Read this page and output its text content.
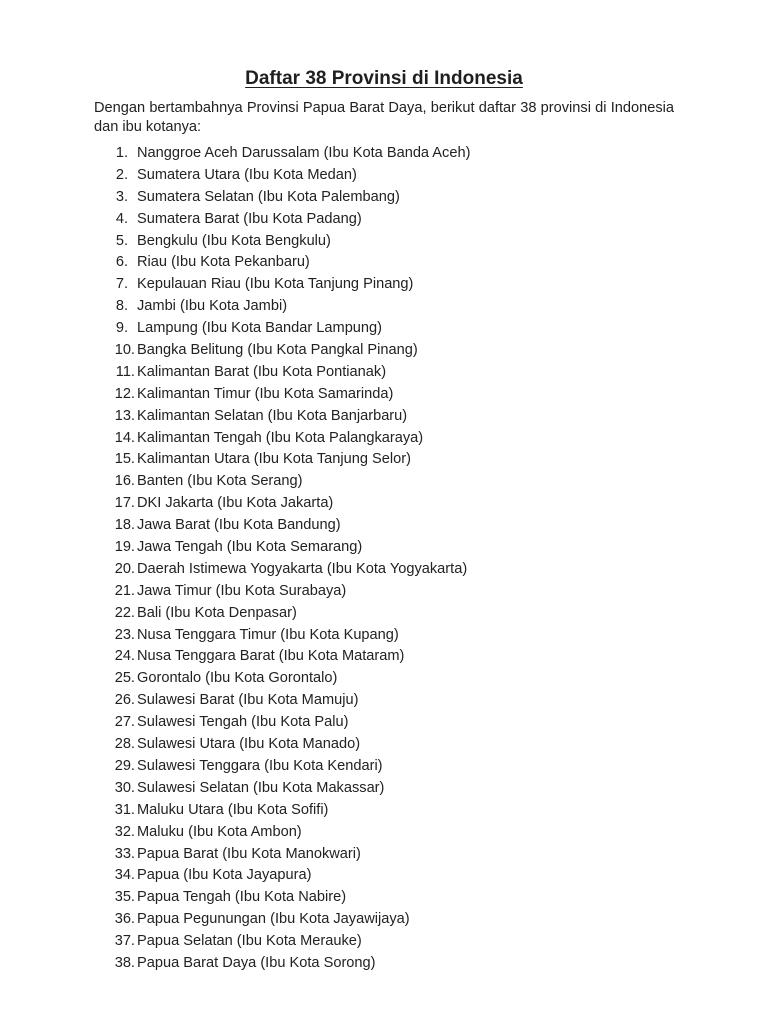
Daftar 38 Provinsi di Indonesia
Dengan bertambahnya Provinsi Papua Barat Daya, berikut daftar 38 provinsi di Indonesia dan ibu kotanya:
1. Nanggroe Aceh Darussalam (Ibu Kota Banda Aceh)
2. Sumatera Utara (Ibu Kota Medan)
3. Sumatera Selatan (Ibu Kota Palembang)
4. Sumatera Barat (Ibu Kota Padang)
5. Bengkulu (Ibu Kota Bengkulu)
6. Riau (Ibu Kota Pekanbaru)
7. Kepulauan Riau (Ibu Kota Tanjung Pinang)
8. Jambi (Ibu Kota Jambi)
9. Lampung (Ibu Kota Bandar Lampung)
10. Bangka Belitung (Ibu Kota Pangkal Pinang)
11. Kalimantan Barat (Ibu Kota Pontianak)
12. Kalimantan Timur (Ibu Kota Samarinda)
13. Kalimantan Selatan (Ibu Kota Banjarbaru)
14. Kalimantan Tengah (Ibu Kota Palangkaraya)
15. Kalimantan Utara (Ibu Kota Tanjung Selor)
16. Banten (Ibu Kota Serang)
17. DKI Jakarta (Ibu Kota Jakarta)
18. Jawa Barat (Ibu Kota Bandung)
19. Jawa Tengah (Ibu Kota Semarang)
20. Daerah Istimewa Yogyakarta (Ibu Kota Yogyakarta)
21. Jawa Timur (Ibu Kota Surabaya)
22. Bali (Ibu Kota Denpasar)
23. Nusa Tenggara Timur (Ibu Kota Kupang)
24. Nusa Tenggara Barat (Ibu Kota Mataram)
25. Gorontalo (Ibu Kota Gorontalo)
26. Sulawesi Barat (Ibu Kota Mamuju)
27. Sulawesi Tengah (Ibu Kota Palu)
28. Sulawesi Utara (Ibu Kota Manado)
29. Sulawesi Tenggara (Ibu Kota Kendari)
30. Sulawesi Selatan (Ibu Kota Makassar)
31. Maluku Utara (Ibu Kota Sofifi)
32. Maluku (Ibu Kota Ambon)
33. Papua Barat (Ibu Kota Manokwari)
34. Papua (Ibu Kota Jayapura)
35. Papua Tengah (Ibu Kota Nabire)
36. Papua Pegunungan (Ibu Kota Jayawijaya)
37. Papua Selatan (Ibu Kota Merauke)
38. Papua Barat Daya (Ibu Kota Sorong)
